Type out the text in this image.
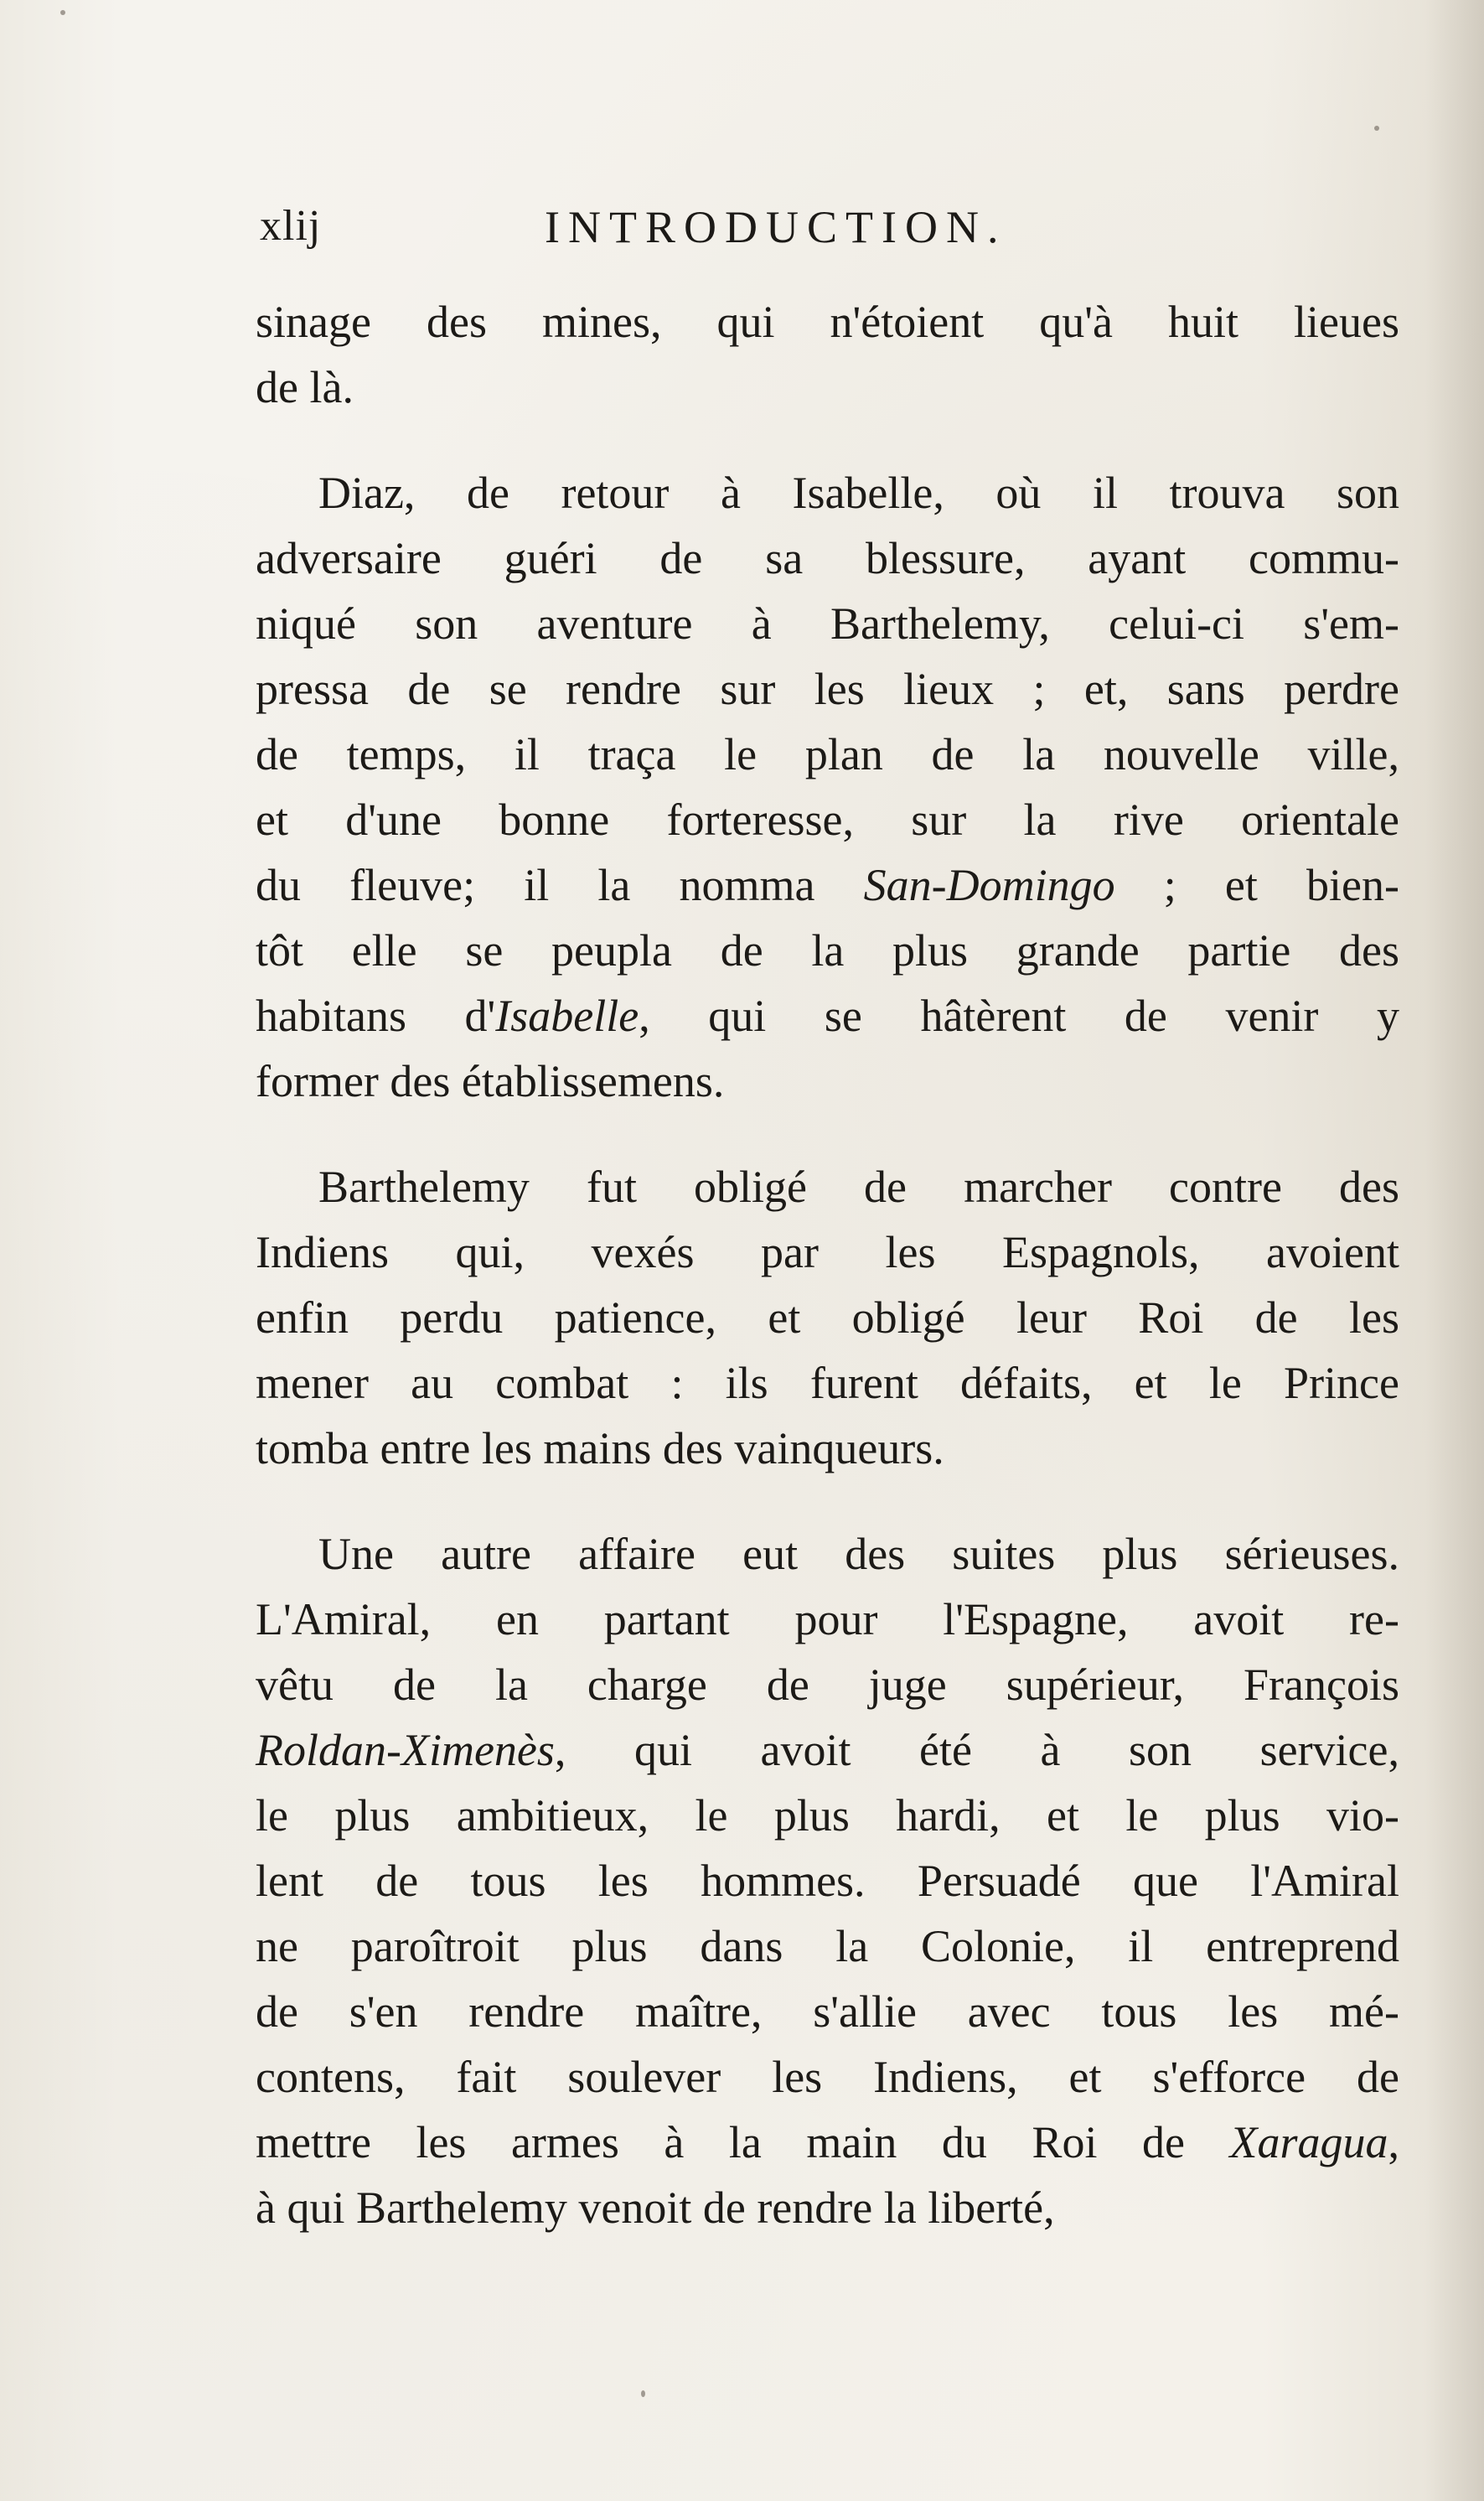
xlij	INTRODUCTION.
sinage des mines, qui n'étoient qu'à huit lieues
de là.
Diaz, de retour à Isabelle, où il trouva son
adversaire guéri de sa blessure, ayant commu-
niqué son aventure à Barthelemy, celui-ci s'em-
pressa de se rendre sur les lieux ; et, sans perdre
de temps, il traça le plan de la nouvelle ville,
et d'une bonne forteresse, sur la rive orientale
du fleuve; il la nomma San-Domingo ; et bien-
tôt elle se peupla de la plus grande partie des
habitans d'Isabelle, qui se hâtèrent de venir y
former des établissemens.
Barthelemy fut obligé de marcher contre des
Indiens qui, vexés par les Espagnols, avoient
enfin perdu patience, et obligé leur Roi de les
mener au combat : ils furent défaits, et le Prince
tomba entre les mains des vainqueurs.
Une autre affaire eut des suites plus sérieuses.
L'Amiral, en partant pour l'Espagne, avoit re-
vêtu de la charge de juge supérieur, François
Roldan-Ximenès, qui avoit été à son service,
le plus ambitieux, le plus hardi, et le plus vio-
lent de tous les hommes. Persuadé que l'Amiral
ne paroîtroit plus dans la Colonie, il entreprend
de s'en rendre maître, s'allie avec tous les mé-
contens, fait soulever les Indiens, et s'efforce de
mettre les armes à la main du Roi de Xaragua,
à qui Barthelemy venoit de rendre la liberté,
